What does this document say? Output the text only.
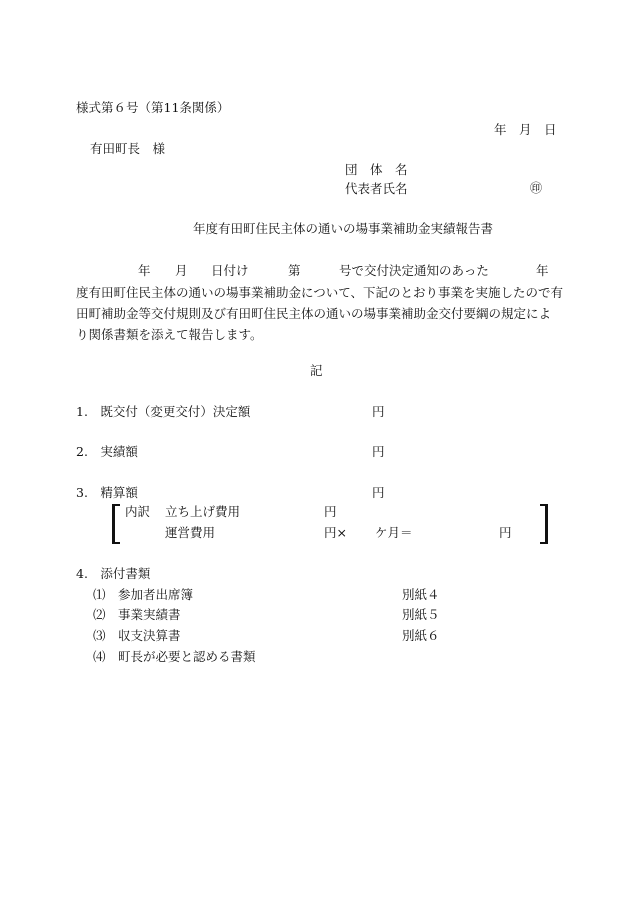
様式第６号（第11条関係）
年　月　日
有田町長　様
団　体　名
代表者氏名	㊞
年度有田町住民主体の通いの場事業補助金実績報告書
年 月 日付け	第	号で交付決定通知のあった	年
度有田町住民主体の通いの場事業補助金について、下記のとおり事業を実施したので有
田町補助金等交付規則及び有田町住民主体の通いの場事業補助金交付要綱の規定によ
り関係書類を添えて報告します。
記
1.　既交付（変更交付）決定額	円
2.　実績額	円
3.　精算額	円
内訳 立ち上げ費用	円
運営費用	円× ケ月＝	円
4.　添付書類
⑴ 参加者出席簿	別紙４
⑵ 事業実績書	別紙５
⑶ 収支決算書	別紙６
⑷ 町長が必要と認める書類
